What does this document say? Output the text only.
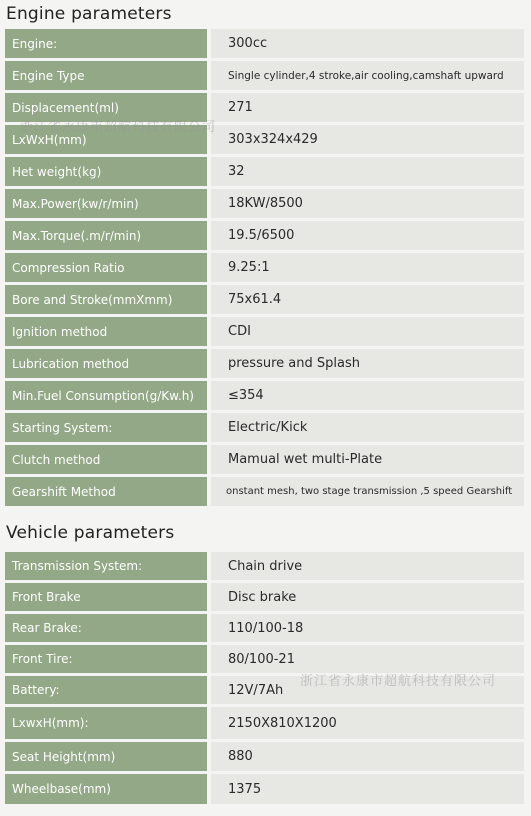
Engine parameters
Engine:	300cc
Engine Type	Single cylinder,4 stroke,air cooling,camshaft upward
Displacement(ml)	271
LxWxH(mm)	303x324x429
Het weight(kg)	32
Max.Power(kw/r/min)	18KW/8500
Max.Torque(.m/r/min)	19.5/6500
Compression Ratio	9.25:1
Bore and Stroke(mmXmm)	75x61.4
Ignition method	CDI
Lubrication method	pressure and Splash
Min.Fuel Consumption(g/Kw.h)	≤354
Starting System:	Electric/Kick
Clutch method	Mamual wet multi-Plate
Gearshift Method	onstant mesh, two stage transmission ,5 speed Gearshift
Vehicle parameters
Transmission System:	Chain drive
Front Brake	Disc brake
Rear Brake:	110/100-18
Front Tire:	80/100-21
Battery:	12V/7Ah
LxwxH(mm):	2150X810X1200
Seat Height(mm)	880
Wheelbase(mm)	1375
浙江省永康市超航科技有限公司
浙江省永康市超航科技有限公司
